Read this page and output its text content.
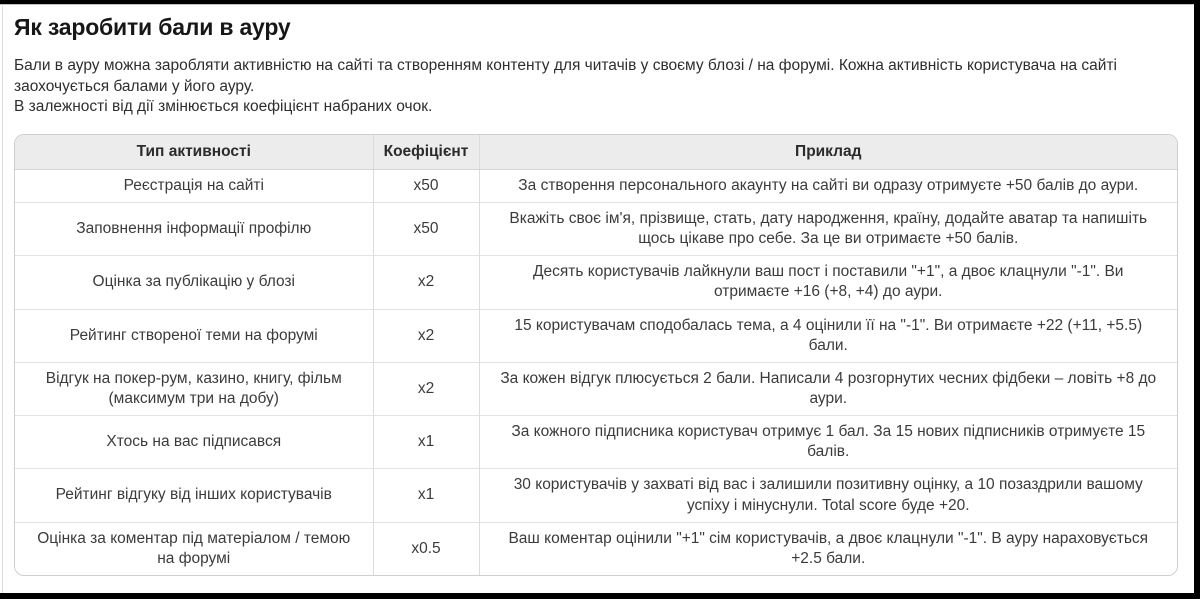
Як заробити бали в ауру

Бали в ауру можна заробляти активністю на сайті та створенням контенту для читачів у своєму блозі / на форумі. Кожна активність користувача на сайті заохочується балами у його ауру.
В залежності від дії змінюється коефіцієнт набраних очок.

Тип активності	Коефіцієнт	Приклад
Реєстрація на сайті	x50	За створення персонального акаунту на сайті ви одразу отримуєте +50 балів до аури.
Заповнення інформації профілю	x50	Вкажіть своє ім'я, прізвище, стать, дату народження, країну, додайте аватар та напишіть щось цікаве про себе. За це ви отримаєте +50 балів.
Оцінка за публікацію у блозі	x2	Десять користувачів лайкнули ваш пост і поставили "+1", а двоє клацнули "-1". Ви отримаєте +16 (+8, +4) до аури.
Рейтинг створеної теми на форумі	x2	15 користувачам сподобалась тема, а 4 оцінили її на "-1". Ви отримаєте +22 (+11, +5.5) бали.
Відгук на покер-рум, казино, книгу, фільм (максимум три на добу)	x2	За кожен відгук плюсується 2 бали. Написали 4 розгорнутих чесних фідбеки – ловіть +8 до аури.
Хтось на вас підписався	x1	За кожного підписника користувач отримує 1 бал. За 15 нових підписників отримуєте 15 балів.
Рейтинг відгуку від інших користувачів	x1	30 користувачів у захваті від вас і залишили позитивну оцінку, а 10 позаздрили вашому успіху і мінуснули. Total score буде +20.
Оцінка за коментар під матеріалом / темою на форумі	x0.5	Ваш коментар оцінили "+1" сім користувачів, а двоє клацнули "-1". В ауру нараховується +2.5 бали.
